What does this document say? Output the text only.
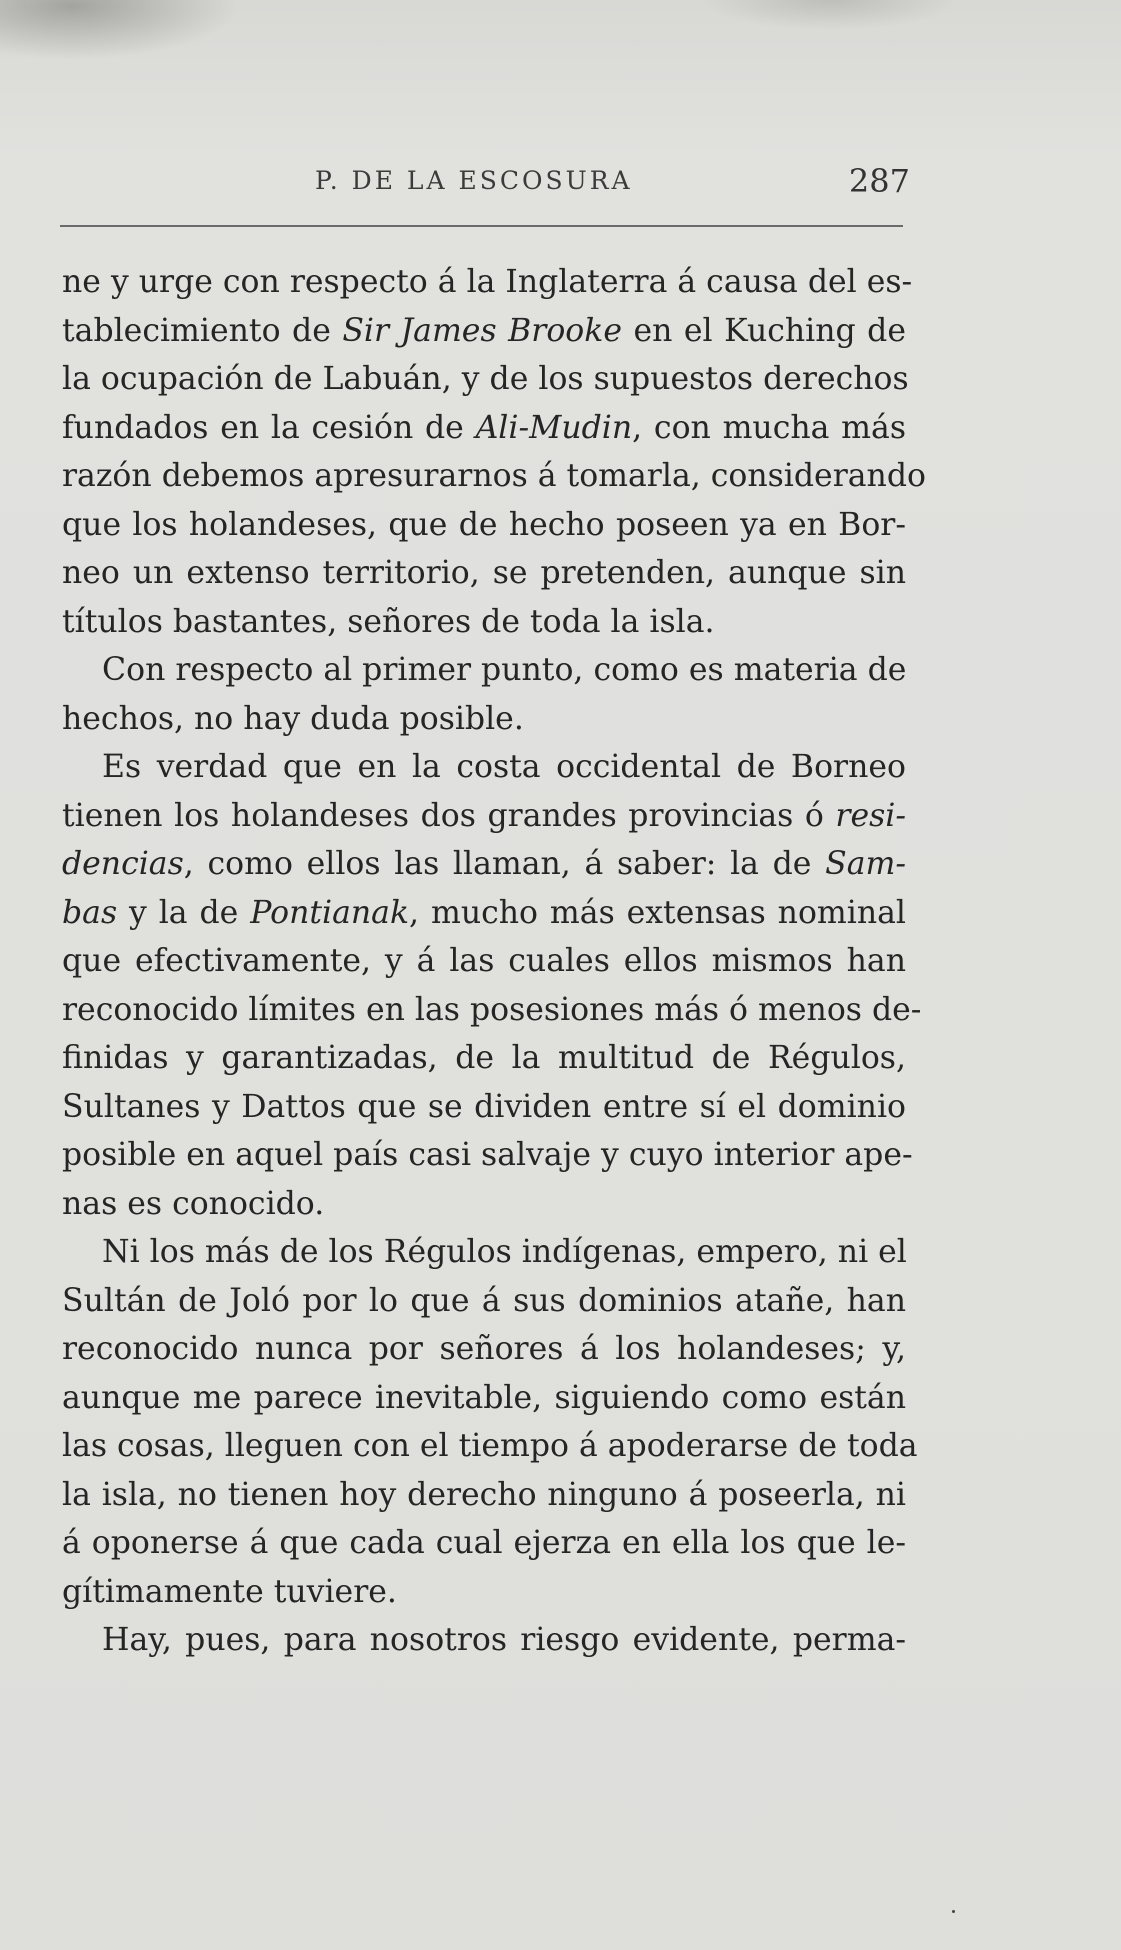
P. DE LA ESCOSURA	287
ne y urge con respecto á la Inglaterra á causa del es-
tablecimiento de Sir James Brooke en el Kuching de
la ocupación de Labuán, y de los supuestos derechos
fundados en la cesión de Ali-Mudin, con mucha más
razón debemos apresurarnos á tomarla, considerando
que los holandeses, que de hecho poseen ya en Bor-
neo un extenso territorio, se pretenden, aunque sin
títulos bastantes, señores de toda la isla.
Con respecto al primer punto, como es materia de
hechos, no hay duda posible.
Es verdad que en la costa occidental de Borneo
tienen los holandeses dos grandes provincias ó resi-
dencias, como ellos las llaman, á saber: la de Sam-
bas y la de Pontianak, mucho más extensas nominal
que efectivamente, y á las cuales ellos mismos han
reconocido límites en las posesiones más ó menos de-
finidas y garantizadas, de la multitud de Régulos,
Sultanes y Dattos que se dividen entre sí el dominio
posible en aquel país casi salvaje y cuyo interior ape-
nas es conocido.
Ni los más de los Régulos indígenas, empero, ni el
Sultán de Joló por lo que á sus dominios atañe, han
reconocido nunca por señores á los holandeses; y,
aunque me parece inevitable, siguiendo como están
las cosas, lleguen con el tiempo á apoderarse de toda
la isla, no tienen hoy derecho ninguno á poseerla, ni
á oponerse á que cada cual ejerza en ella los que le-
gítimamente tuviere.
Hay, pues, para nosotros riesgo evidente, perma-
